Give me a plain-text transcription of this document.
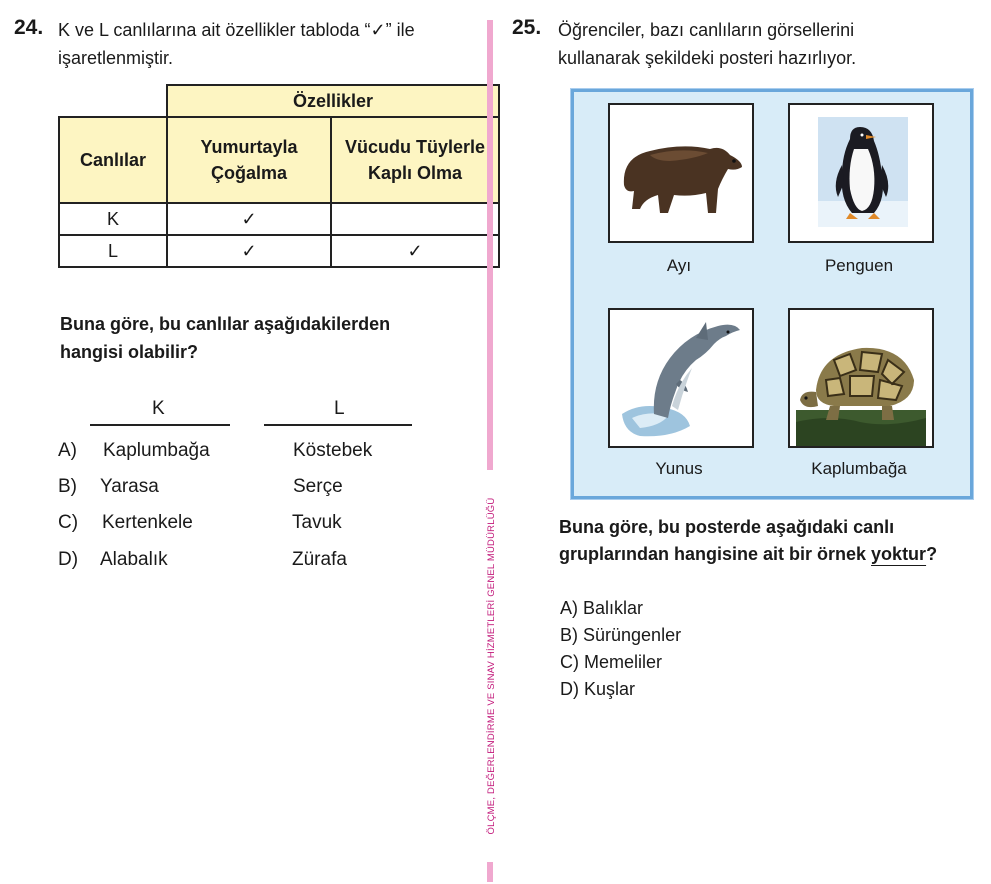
24. K ve L canlılarına ait özellikler tabloda “✓” ile
işaretlenmiştir.
	Özellikler	
Canlılar	Yumurtayla Çoğalma	Vücudu Tüylerle Kaplı Olma
K	✓	
L	✓	✓
Buna göre, bu canlılar aşağıdakilerden
hangisi olabilir?
K	L
A) Kaplumbağa	Köstebek
B) Yarasa	Serçe
C) Kertenkele	Tavuk
D) Alabalık	Zürafa	ÖLÇME, DEĞERLENDİRME VE SINAV HİZMETLERİ GENEL MÜDÜRLÜĞÜ
25. Öğrenciler, bazı canlıların görsellerini
kullanarak şekildeki posteri hazırlıyor.
Ayı	Penguen
Yunus	Kaplumbağa
Buna göre, bu posterde aşağıdaki canlı
gruplarından hangisine ait bir örnek yoktur?
A) Balıklar
B) Sürüngenler
C) Memeliler
D) Kuşlar
